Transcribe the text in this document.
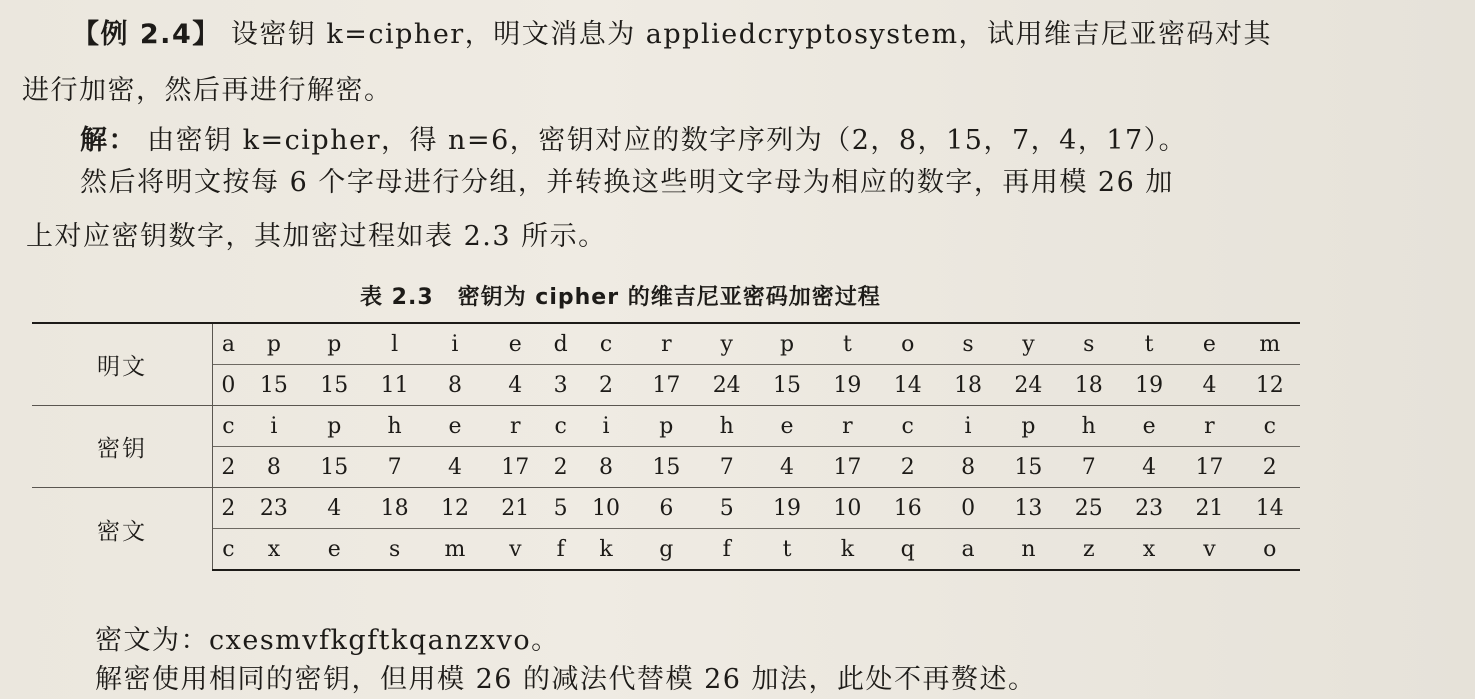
【例 2.4】 设密钥 k=cipher，明文消息为 appliedcryptosystem，试用维吉尼亚密码对其
进行加密，然后再进行解密。
解： 由密钥 k=cipher，得 n=6，密钥对应的数字序列为（2，8，15，7，4，17）。
然后将明文按每 6 个字母进行分组，并转换这些明文字母为相应的数字，再用模 26 加
上对应密钥数字，其加密过程如表 2.3 所示。
表 2.3 密钥为 cipher 的维吉尼亚密码加密过程
明文	a	p	p	l	i	e	d	c	r	y	p	t	o	s	y	s	t	e	m
	0	15	15	11	8	4	3	2	17	24	15	19	14	18	24	18	19	4	12
密钥	c	i	p	h	e	r	c	i	p	h	e	r	c	i	p	h	e	r	c
	2	8	15	7	4	17	2	8	15	7	4	17	2	8	15	7	4	17	2
密文	2	23	4	18	12	21	5	10	6	5	19	10	16	0	13	25	23	21	14
	c	x	e	s	m	v	f	k	g	f	t	k	q	a	n	z	x	v	o
密文为：cxesmvfkgftkqanzxvo。
解密使用相同的密钥，但用模 26 的减法代替模 26 加法，此处不再赘述。
